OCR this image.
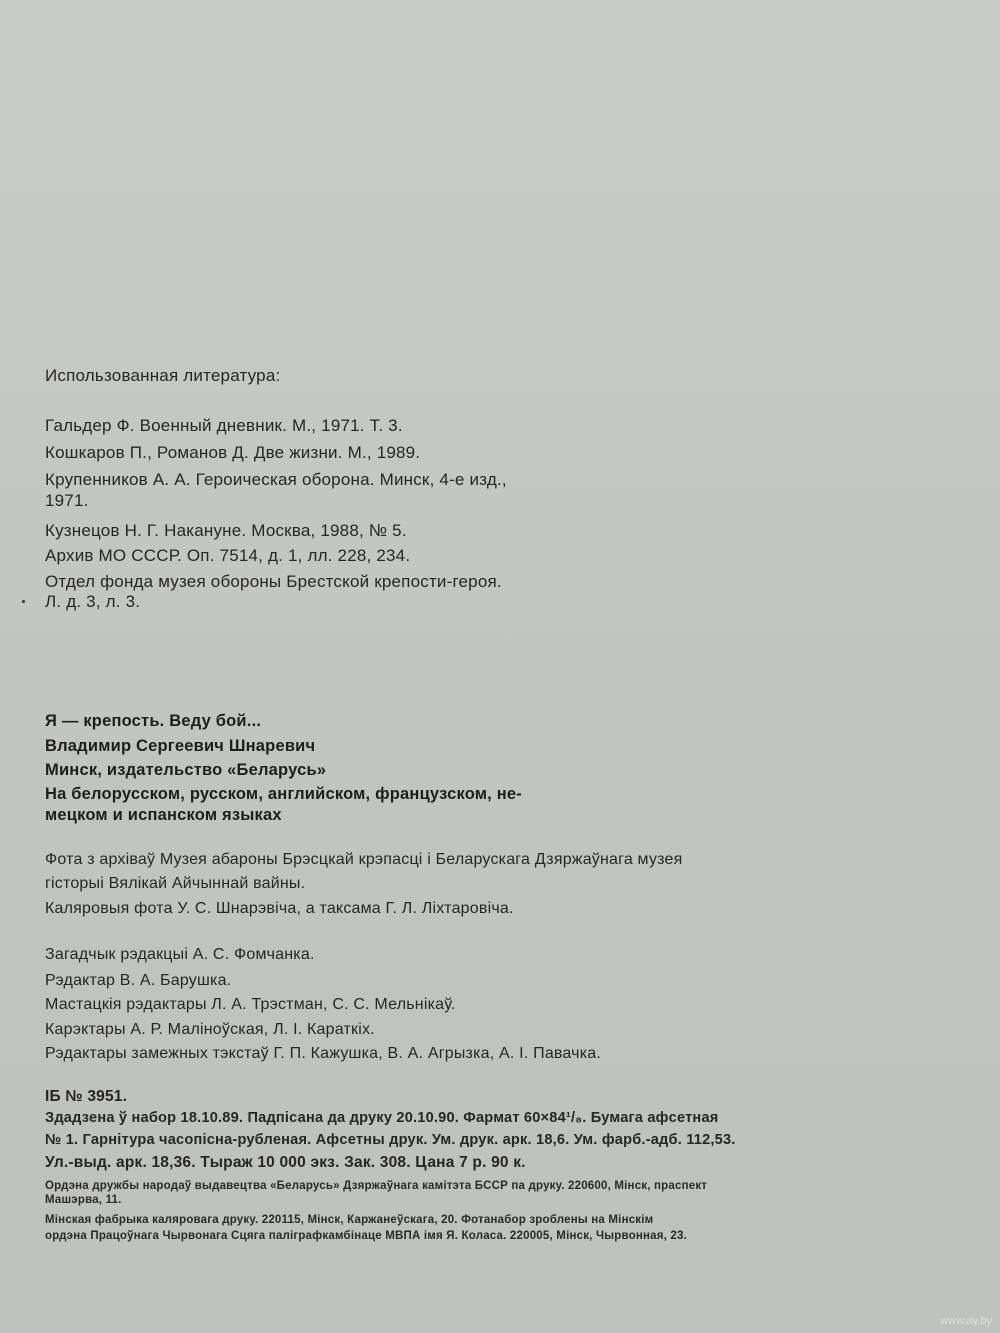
Использованная литература:
Гальдер Ф. Военный дневник. М., 1971. Т. 3.
Кошкаров П., Романов Д. Две жизни. М., 1989.
Крупенников А. А. Героическая оборона. Минск, 4-е изд.,
1971.
Кузнецов Н. Г. Накануне. Москва, 1988, № 5.
Архив МО СССР. Оп. 7514, д. 1, лл. 228, 234.
Отдел фонда музея обороны Брестской крепости-героя.
Л. д. 3, л. 3.
Я — крепость. Веду бой...
Владимир Сергеевич Шнаревич
Минск, издательство «Беларусь»
На белорусском, русском, английском, французском, не-
мецком и испанском языках
Фота з архіваў Музея абароны Брэсцкай крэпасці і Беларускага Дзяржаўнага музея
гісторыі Вялікай Айчыннай вайны.
Каляровыя фота У. С. Шнарэвіча, а таксама Г. Л. Ліхтаровіча.
Загадчык рэдакцыі А. С. Фомчанка.
Рэдактар В. А. Барушка.
Мастацкія рэдактары Л. А. Трэстман, С. С. Мельнікаў.
Карэктары А. Р. Маліноўская, Л. І. Караткіх.
Рэдактары замежных тэкстаў Г. П. Кажушка, В. А. Агрызка, А. І. Павачка.
ІБ № 3951.
Здадзена ў набор 18.10.89. Падпісана да друку 20.10.90. Фармат 60×84¹/₈. Бумага афсетная
№ 1. Гарнітура часопісна-рубленая. Афсетны друк. Ум. друк. арк. 18,6. Ум. фарб.-адб. 112,53.
Ул.-выд. арк. 18,36. Тыраж 10 000 экз. Зак. 308. Цана 7 р. 90 к.
Ордэна дружбы народаў выдавецтва «Беларусь» Дзяржаўнага камітэта БССР па друку. 220600, Мінск, праспект
Машэрва, 11.
Мінская фабрыка каляровага друку. 220115, Мінск, Каржанеўскага, 20. Фотанабор зроблены на Мінскім
ордэна Працоўнага Чырвонага Сцяга паліграфкамбінаце МВПА імя Я. Коласа. 220005, Мінск, Чырвонная, 23.
www.ay.by
